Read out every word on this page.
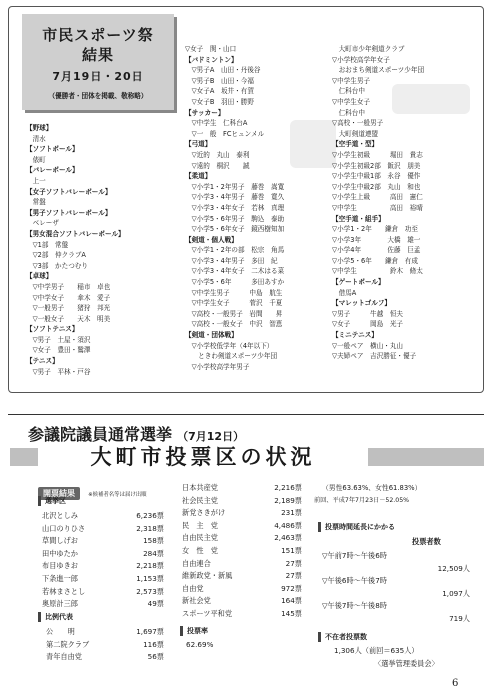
市民スポーツ祭
結果
7月19日・20日
（優勝者・団体を掲載、敬称略）
【野球】
　清水
【ソフトボール】
　俵町
【バレーボール】
　上一
【女子ソフトバレーボール】
　常盤
【男子ソフトバレーボール】
　ベレーザ
【男女混合ソフトバレーボール】
　▽1部　常盤
　▽2部　仲クラブA
　▽3部　かたつむり
【卓球】
　▽中学男子　　稲市　卓也
　▽中学女子　　傘木　愛子
　▽一般男子　　猪狩　邦光
　▽一般女子　　天木　明美
【ソフトテニス】
　▽男子　土屋・須沢
　▽女子　豊田・鷲澤
【テニス】
　▽男子　平林・戸谷
▽女子　関・山口
【バドミントン】
　▽男子A　山田・丹後谷
　▽男子B　山田・今福
　▽女子A　坂井・有賀
　▽女子B　羽田・勝野
【サッカー】
　▽中学生　仁科台A
　▽一　般　FCヒュンメル
【弓道】
　▽近的　丸山　泰利
　▽遠的　桐沢　　誠
【柔道】
　▽小学1・2年男子　藤巻　嵩寛
　▽小学3・4年男子　藤巻　寛久
　▽小学3・4年女子　若林　真理
　▽小学5・6年男子　駒込　泰助
　▽小学5・6年女子　鏡西樹知加
【剣道・個人戦】
　▽小学1・2年の部　松宗　角馬
　▽小学3・4年男子　多田　紀
　▽小学3・4年女子　二木はる菜
　▽小学5・6年　　　多田あすか
　▽中学生男子　　　中島　航生
　▽中学生女子　　　菅沢　千夏
　▽高校・一般男子　岩間　　昇
　▽高校・一般女子　中沢　智恵
【剣道・団体戦】
　▽小学校低学年（4年以下）
　　ときわ剣道スポーツ少年団
　▽小学校高学年男子
　大町市少年剣道クラブ
▽小学校高学年女子
　おおまち剣道スポーツ少年団
▽中学生男子
　仁科台中
▽中学生女子
　仁科台中
▽高校・一般男子
　大町剣道連盟
【空手道・型】
▽小学生初級　　　堀田　貴志
▽小学生初級2部　飯沢　朋美
▽小学生中級1部　永谷　優作
▽小学生中級2部　丸山　和也
▽小学生上級　　　高田　憲仁
▽中学生　　　　　高田　裕晴
【空手道・組手】
▽小学1・2年　　鎌倉　功至
▽小学3年　　　　大橋　雄一
▽小学4年　　　　佐藤　巨孟
▽小学5・6年　　鎌倉　有成
▽中学生　　　　　鈴木　脩太
【ゲートボール】
　借馬A
【マレットゴルフ】
▽男子　　　牛越　恒夫
▽女子　　　岡島　光子
【ミニテニス】
▽一般ペア　横山・丸山
▽夫婦ペア　吉沢勝征・優子
参議院議員通常選挙 （7月12日）
大町市投票区の状況
開票結果 ※候補者名等は届け出順
選挙区
北沢としみ	6,236票
山口のりひさ	2,318票
草間しげお	158票
田中ゆたか	284票
布目ゆきお	2,218票
下条進一郎	1,153票
若林まさとし	2,573票
奥原計三郎	49票
比例代表
公　　明	1,697票
第二院クラブ	116票
青年自由党	56票
日本共産党	2,216票
社会民主党	2,189票
新党さきがけ	231票
民　主　党	4,486票
自由民主党	2,463票
女　性　党	151票
自由連合	27票
維新政党・新風	27票
自由党	972票
新社会党	164票
スポーツ平和党	145票
投票率
62.69%
（男性63.63%、女性61.83%）
前回、平成7年7月23日－52.05%
投票時間延長にかかる
投票者数
▽午前7時～午後6時
12,509人
▽午後6時～午後7時
1,097人
▽午後7時～午後8時
719人
不在者投票数
1,306人（前回＝635人）
〈選挙管理委員会〉
6
